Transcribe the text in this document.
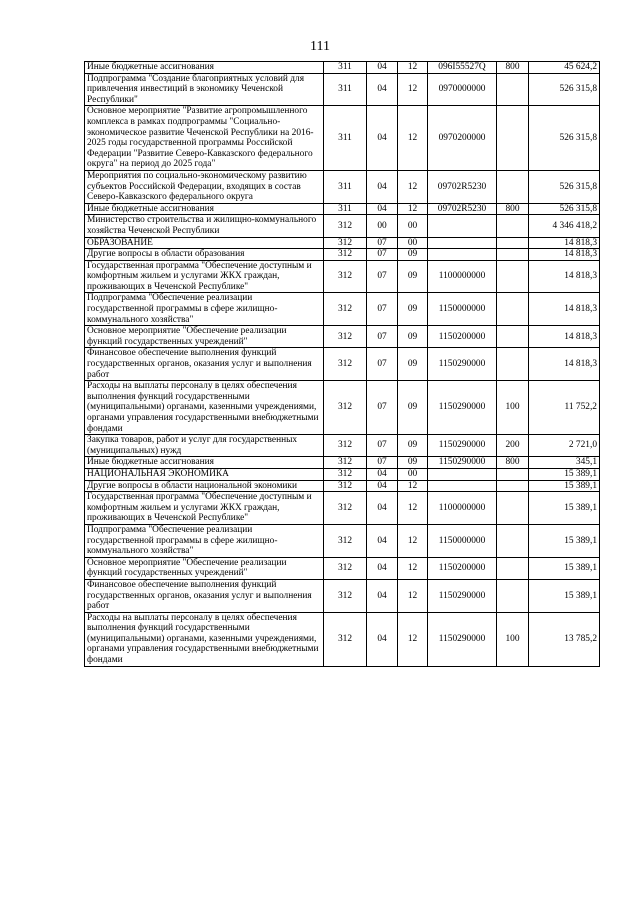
111
Иные бюджетные ассигнования	311	04	12	096I55527Q	800	45 624,2
Подпрограмма "Создание благоприятных условий для привлечения инвестиций в экономику Чеченской Республики"	311	04	12	0970000000		526 315,8
Основное мероприятие "Развитие агропромышленного комплекса в рамках подпрограммы "Социально-экономическое развитие Чеченской Республики на 2016-2025 годы государственной программы Российской Федерации "Развитие Северо-Кавказского федерального округа" на период до 2025 года"	311	04	12	0970200000		526 315,8
Мероприятия по социально-экономическому развитию субъектов Российской Федерации, входящих в состав Северо-Кавказского федерального округа	311	04	12	09702R5230		526 315,8
Иные бюджетные ассигнования	311	04	12	09702R5230	800	526 315,8
Министерство строительства и жилищно-коммунального хозяйства Чеченской Республики	312	00	00			4 346 418,2
ОБРАЗОВАНИЕ	312	07	00			14 818,3
Другие вопросы в области образования	312	07	09			14 818,3
Государственная программа "Обеспечение доступным и комфортным жильем и услугами ЖКХ граждан, проживающих в Чеченской Республике"	312	07	09	1100000000		14 818,3
Подпрограмма "Обеспечение реализации государственной программы в сфере жилищно-коммунального хозяйства"	312	07	09	1150000000		14 818,3
Основное мероприятие "Обеспечение реализации функций государственных учреждений"	312	07	09	1150200000		14 818,3
Финансовое обеспечение выполнения функций государственных органов, оказания услуг и выполнения работ	312	07	09	1150290000		14 818,3
Расходы на выплаты персоналу в целях обеспечения выполнения функций государственными (муниципальными) органами, казенными учреждениями, органами управления государственными внебюджетными фондами	312	07	09	1150290000	100	11 752,2
Закупка товаров, работ и услуг для государственных (муниципальных) нужд	312	07	09	1150290000	200	2 721,0
Иные бюджетные ассигнования	312	07	09	1150290000	800	345,1
НАЦИОНАЛЬНАЯ ЭКОНОМИКА	312	04	00			15 389,1
Другие вопросы в области национальной экономики	312	04	12			15 389,1
Государственная программа "Обеспечение доступным и комфортным жильем и услугами ЖКХ граждан, проживающих в Чеченской Республике"	312	04	12	1100000000		15 389,1
Подпрограмма "Обеспечение реализации государственной программы в сфере жилищно-коммунального хозяйства"	312	04	12	1150000000		15 389,1
Основное мероприятие "Обеспечение реализации функций государственных учреждений"	312	04	12	1150200000		15 389,1
Финансовое обеспечение выполнения функций государственных органов, оказания услуг и выполнения работ	312	04	12	1150290000		15 389,1
Расходы на выплаты персоналу в целях обеспечения выполнения функций государственными (муниципальными) органами, казенными учреждениями, органами управления государственными внебюджетными фондами	312	04	12	1150290000	100	13 785,2
